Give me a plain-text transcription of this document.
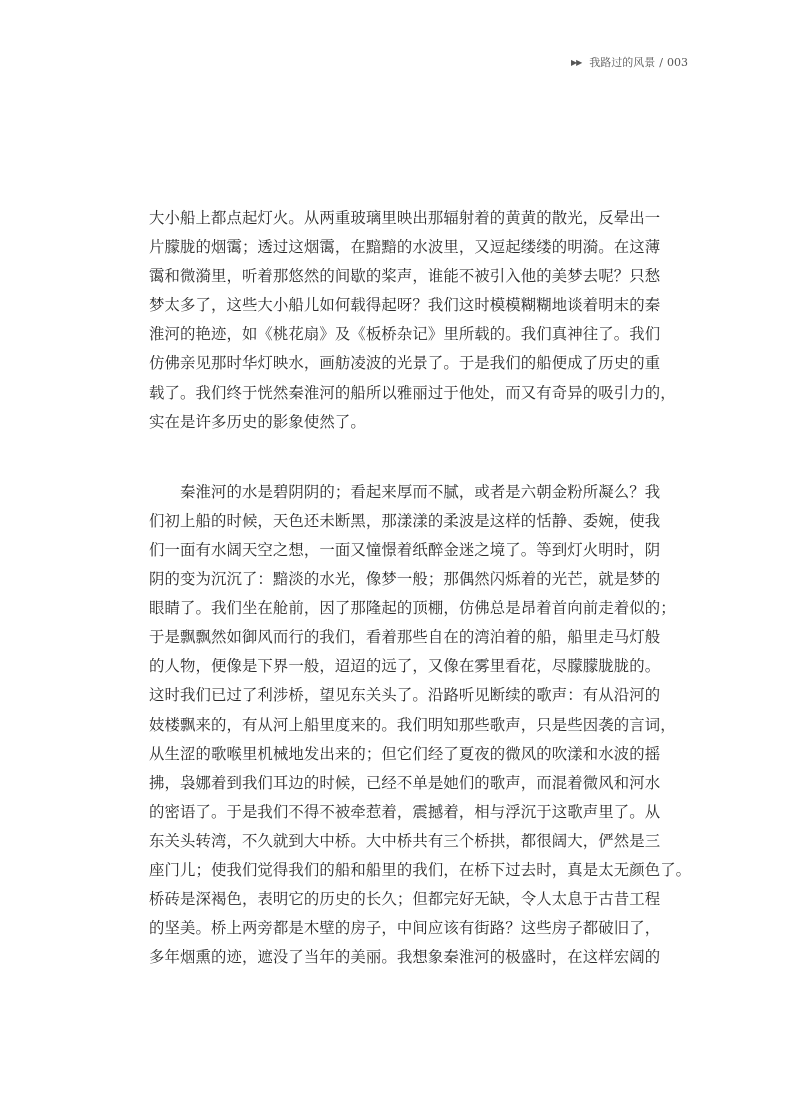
▶▶ 我路过的风景 / 003
大小船上都点起灯火。从两重玻璃里映出那辐射着的黄黄的散光，反晕出一
片朦胧的烟霭；透过这烟霭，在黯黯的水波里，又逗起缕缕的明漪。在这薄
霭和微漪里，听着那悠然的间歇的桨声，谁能不被引入他的美梦去呢？只愁
梦太多了，这些大小船儿如何载得起呀？我们这时模模糊糊地谈着明末的秦
淮河的艳迹，如《桃花扇》及《板桥杂记》里所载的。我们真神往了。我们
仿佛亲见那时华灯映水，画舫凌波的光景了。于是我们的船便成了历史的重
载了。我们终于恍然秦淮河的船所以雅丽过于他处，而又有奇异的吸引力的，
实在是许多历史的影象使然了。
秦淮河的水是碧阴阴的；看起来厚而不腻，或者是六朝金粉所凝么？我
们初上船的时候，天色还未断黑，那漾漾的柔波是这样的恬静、委婉，使我
们一面有水阔天空之想，一面又憧憬着纸醉金迷之境了。等到灯火明时，阴
阴的变为沉沉了：黯淡的水光，像梦一般；那偶然闪烁着的光芒，就是梦的
眼睛了。我们坐在舱前，因了那隆起的顶棚，仿佛总是昂着首向前走着似的；
于是飘飘然如御风而行的我们，看着那些自在的湾泊着的船，船里走马灯般
的人物，便像是下界一般，迢迢的远了，又像在雾里看花，尽朦朦胧胧的。
这时我们已过了利涉桥，望见东关头了。沿路听见断续的歌声：有从沿河的
妓楼飘来的，有从河上船里度来的。我们明知那些歌声，只是些因袭的言词，
从生涩的歌喉里机械地发出来的；但它们经了夏夜的微风的吹漾和水波的摇
拂，袅娜着到我们耳边的时候，已经不单是她们的歌声，而混着微风和河水
的密语了。于是我们不得不被牵惹着，震撼着，相与浮沉于这歌声里了。从
东关头转湾，不久就到大中桥。大中桥共有三个桥拱，都很阔大，俨然是三
座门儿；使我们觉得我们的船和船里的我们，在桥下过去时，真是太无颜色了。
桥砖是深褐色，表明它的历史的长久；但都完好无缺，令人太息于古昔工程
的坚美。桥上两旁都是木壁的房子，中间应该有街路？这些房子都破旧了，
多年烟熏的迹，遮没了当年的美丽。我想象秦淮河的极盛时，在这样宏阔的
